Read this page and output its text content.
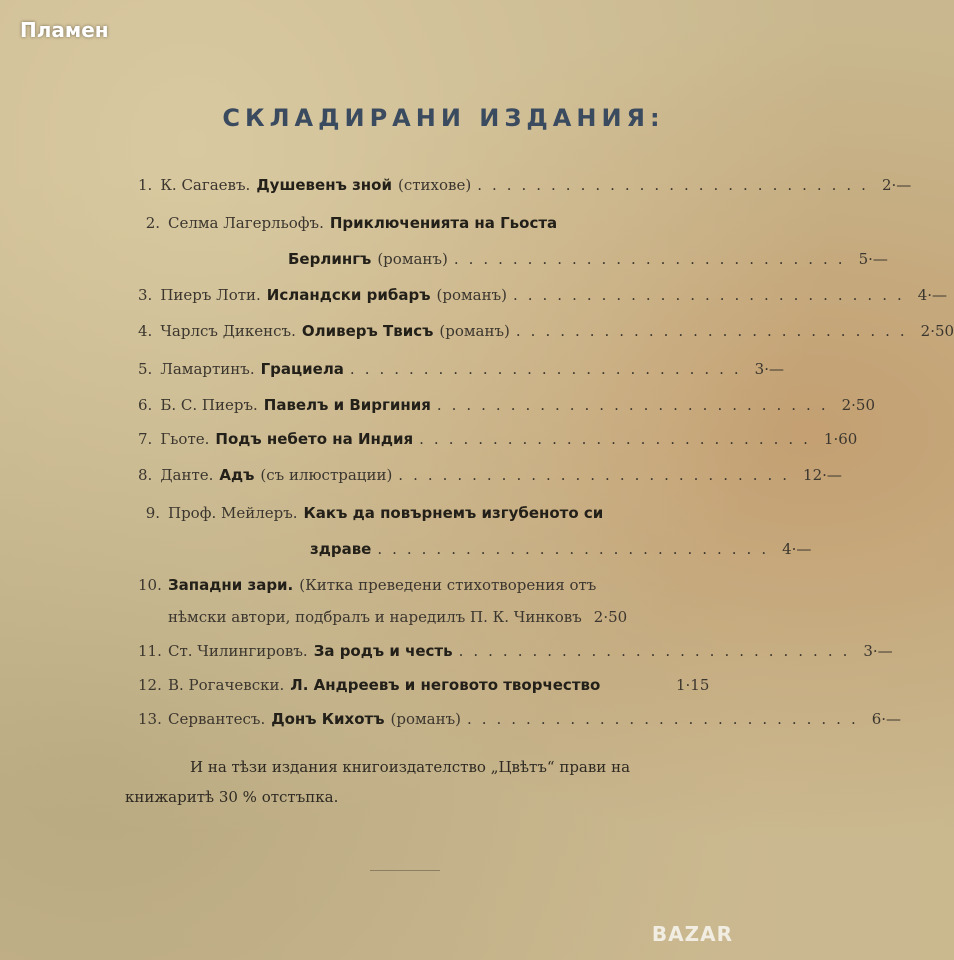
Пламен
СКЛАДИРАНИ ИЗДАНИЯ:
1. К. Сагаевъ. Душевенъ зной (стихове) ........................... 2·—
2. Селма Лагерльофъ. Приключенията на Гьоста
Берлингъ (романъ) ........................... 5·—
3. Пиеръ Лоти. Исландски рибаръ (романъ) ........................... 4·—
4. Чарлсъ Дикенсъ. Оливеръ Твисъ (романъ) ........................... 2·50
5. Ламартинъ. Грациела ........................... 3·—
6. Б. С. Пиеръ. Павелъ и Виргиния ........................... 2·50
7. Гьоте. Подъ небето на Индия ........................... 1·60
8. Данте. Адъ (съ илюстрации) ........................... 12·—
9. Проф. Мейлеръ. Какъ да повърнемъ изгубеното си
здраве ........................... 4·—
10. Западни зари. (Китка преведени стихотворения отъ
нѣмски автори, подбралъ и наредилъ П. К. Чинковъ 2·50
11. Ст. Чилингировъ. За родъ и честь ........................... 3·—
12. В. Рогачевски. Л. Андреевъ и неговото творчество	1·15
13. Сервантесъ. Донъ Кихотъ (романъ) ........................... 6·—
И на тѣзи издания книгоиздателство „Цвѣтъ“ прави на
книжаритѣ 30 % отстъпка.
BAZAR
